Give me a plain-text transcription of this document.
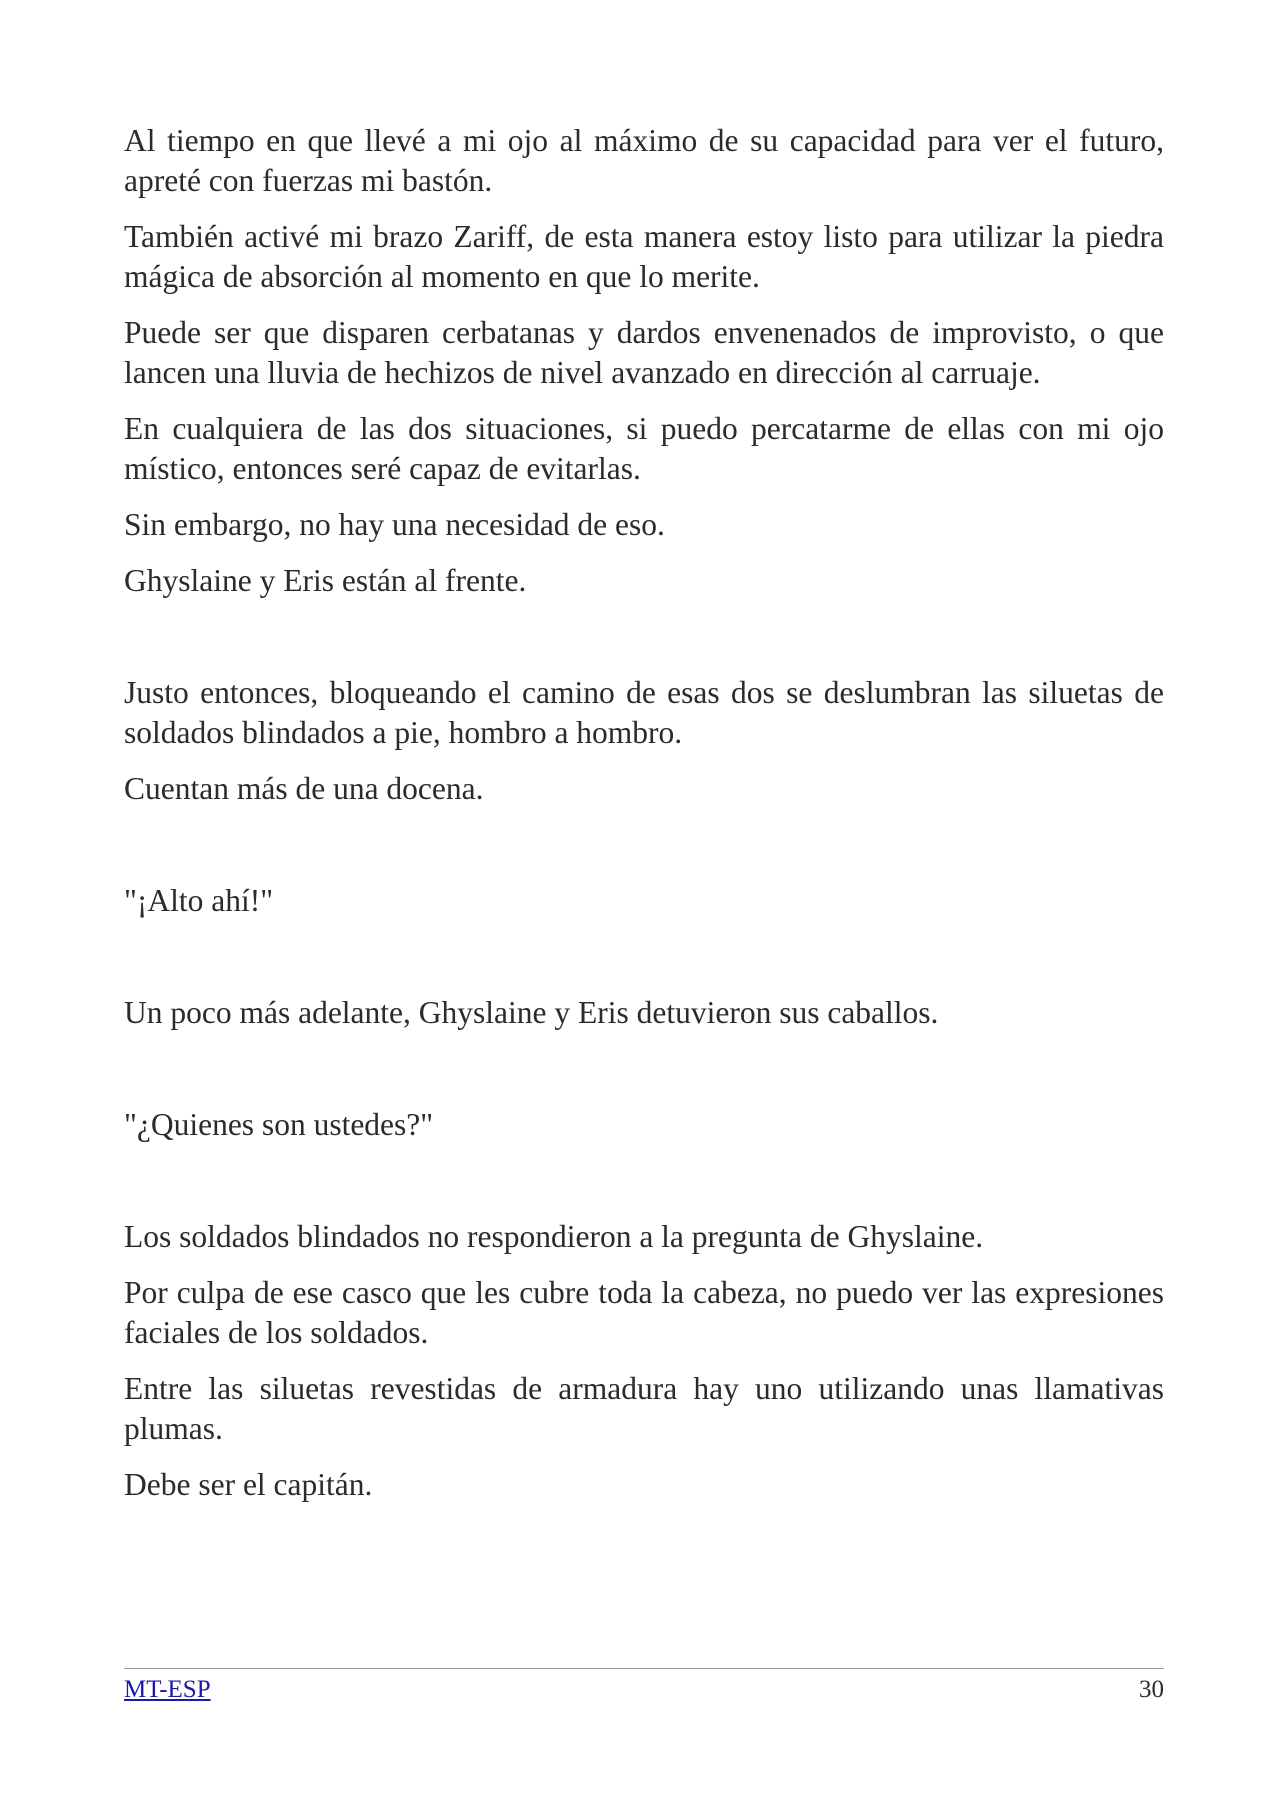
Al tiempo en que llevé a mi ojo al máximo de su capacidad para ver el futuro, apreté con fuerzas mi bastón.

También activé mi brazo Zariff, de esta manera estoy listo para utilizar la piedra mágica de absorción al momento en que lo merite.

Puede ser que disparen cerbatanas y dardos envenenados de improvisto, o que lancen una lluvia de hechizos de nivel avanzado en dirección al carruaje.

En cualquiera de las dos situaciones, si puedo percatarme de ellas con mi ojo místico, entonces seré capaz de evitarlas.

Sin embargo, no hay una necesidad de eso.

Ghyslaine y Eris están al frente.

Justo entonces, bloqueando el camino de esas dos se deslumbran las siluetas de soldados blindados a pie, hombro a hombro.

Cuentan más de una docena.

"¡Alto ahí!"

Un poco más adelante, Ghyslaine y Eris detuvieron sus caballos.

"¿Quienes son ustedes?"

Los soldados blindados no respondieron a la pregunta de Ghyslaine.

Por culpa de ese casco que les cubre toda la cabeza, no puedo ver las expresiones faciales de los soldados.

Entre las siluetas revestidas de armadura hay uno utilizando unas llamativas plumas.

Debe ser el capitán.

MT-ESP	30
